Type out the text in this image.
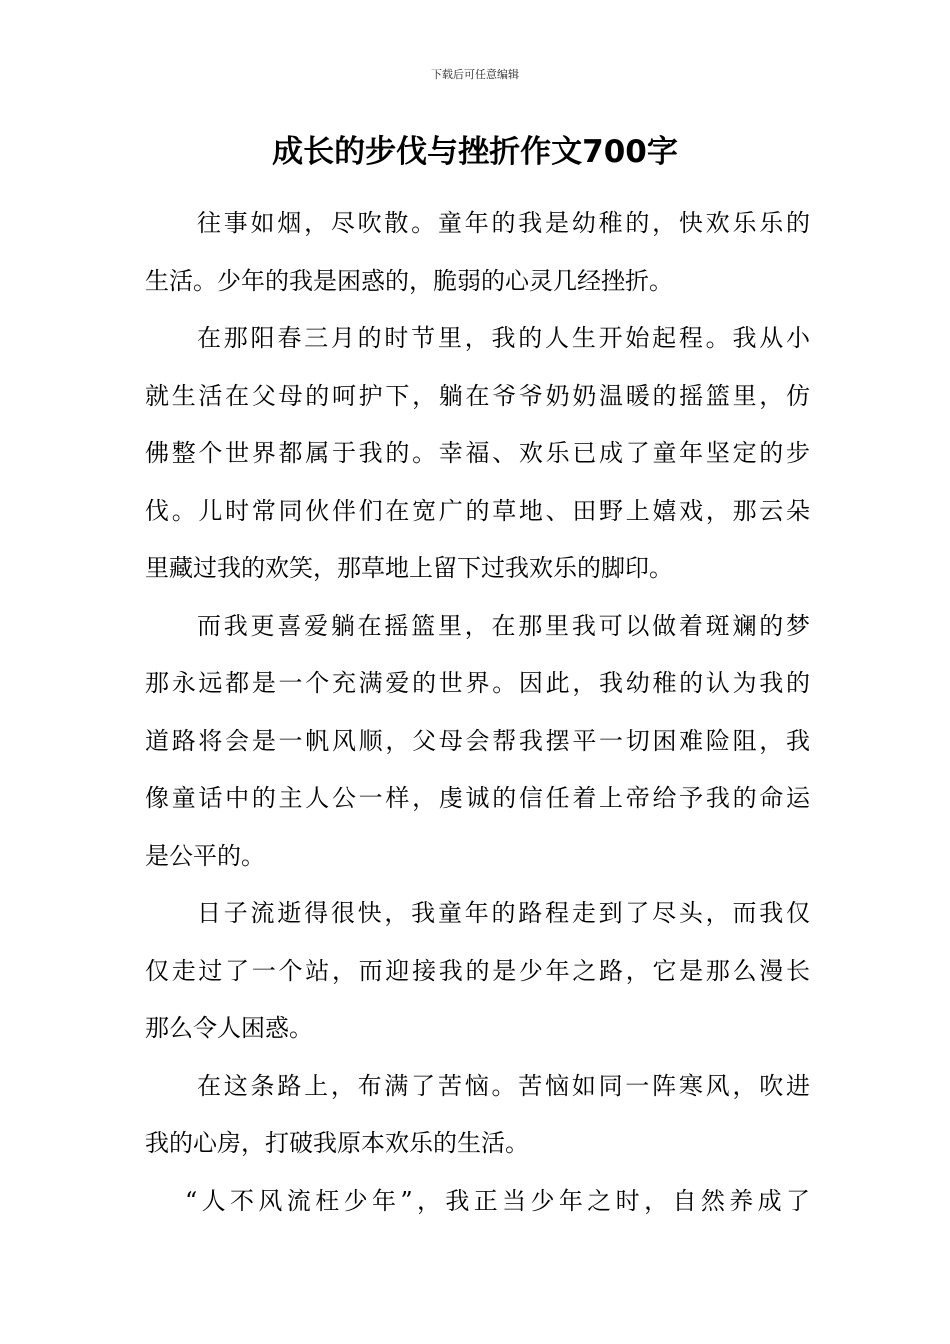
下载后可任意编辑
成长的步伐与挫折作文700字
往事如烟，尽吹散。童年的我是幼稚的，快欢乐乐的
生活。少年的我是困惑的，脆弱的心灵几经挫折。
在那阳春三月的时节里，我的人生开始起程。我从小
就生活在父母的呵护下，躺在爷爷奶奶温暖的摇篮里，仿
佛整个世界都属于我的。幸福、欢乐已成了童年坚定的步
伐。儿时常同伙伴们在宽广的草地、田野上嬉戏，那云朵
里藏过我的欢笑，那草地上留下过我欢乐的脚印。
而我更喜爱躺在摇篮里，在那里我可以做着斑斓的梦
那永远都是一个充满爱的世界。因此，我幼稚的认为我的
道路将会是一帆风顺，父母会帮我摆平一切困难险阻，我
像童话中的主人公一样，虔诚的信任着上帝给予我的命运
是公平的。
日子流逝得很快，我童年的路程走到了尽头，而我仅
仅走过了一个站，而迎接我的是少年之路，它是那么漫长
那么令人困惑。
在这条路上，布满了苦恼。苦恼如同一阵寒风，吹进
我的心房，打破我原本欢乐的生活。
“人不风流枉少年”，我正当少年之时，自然养成了
